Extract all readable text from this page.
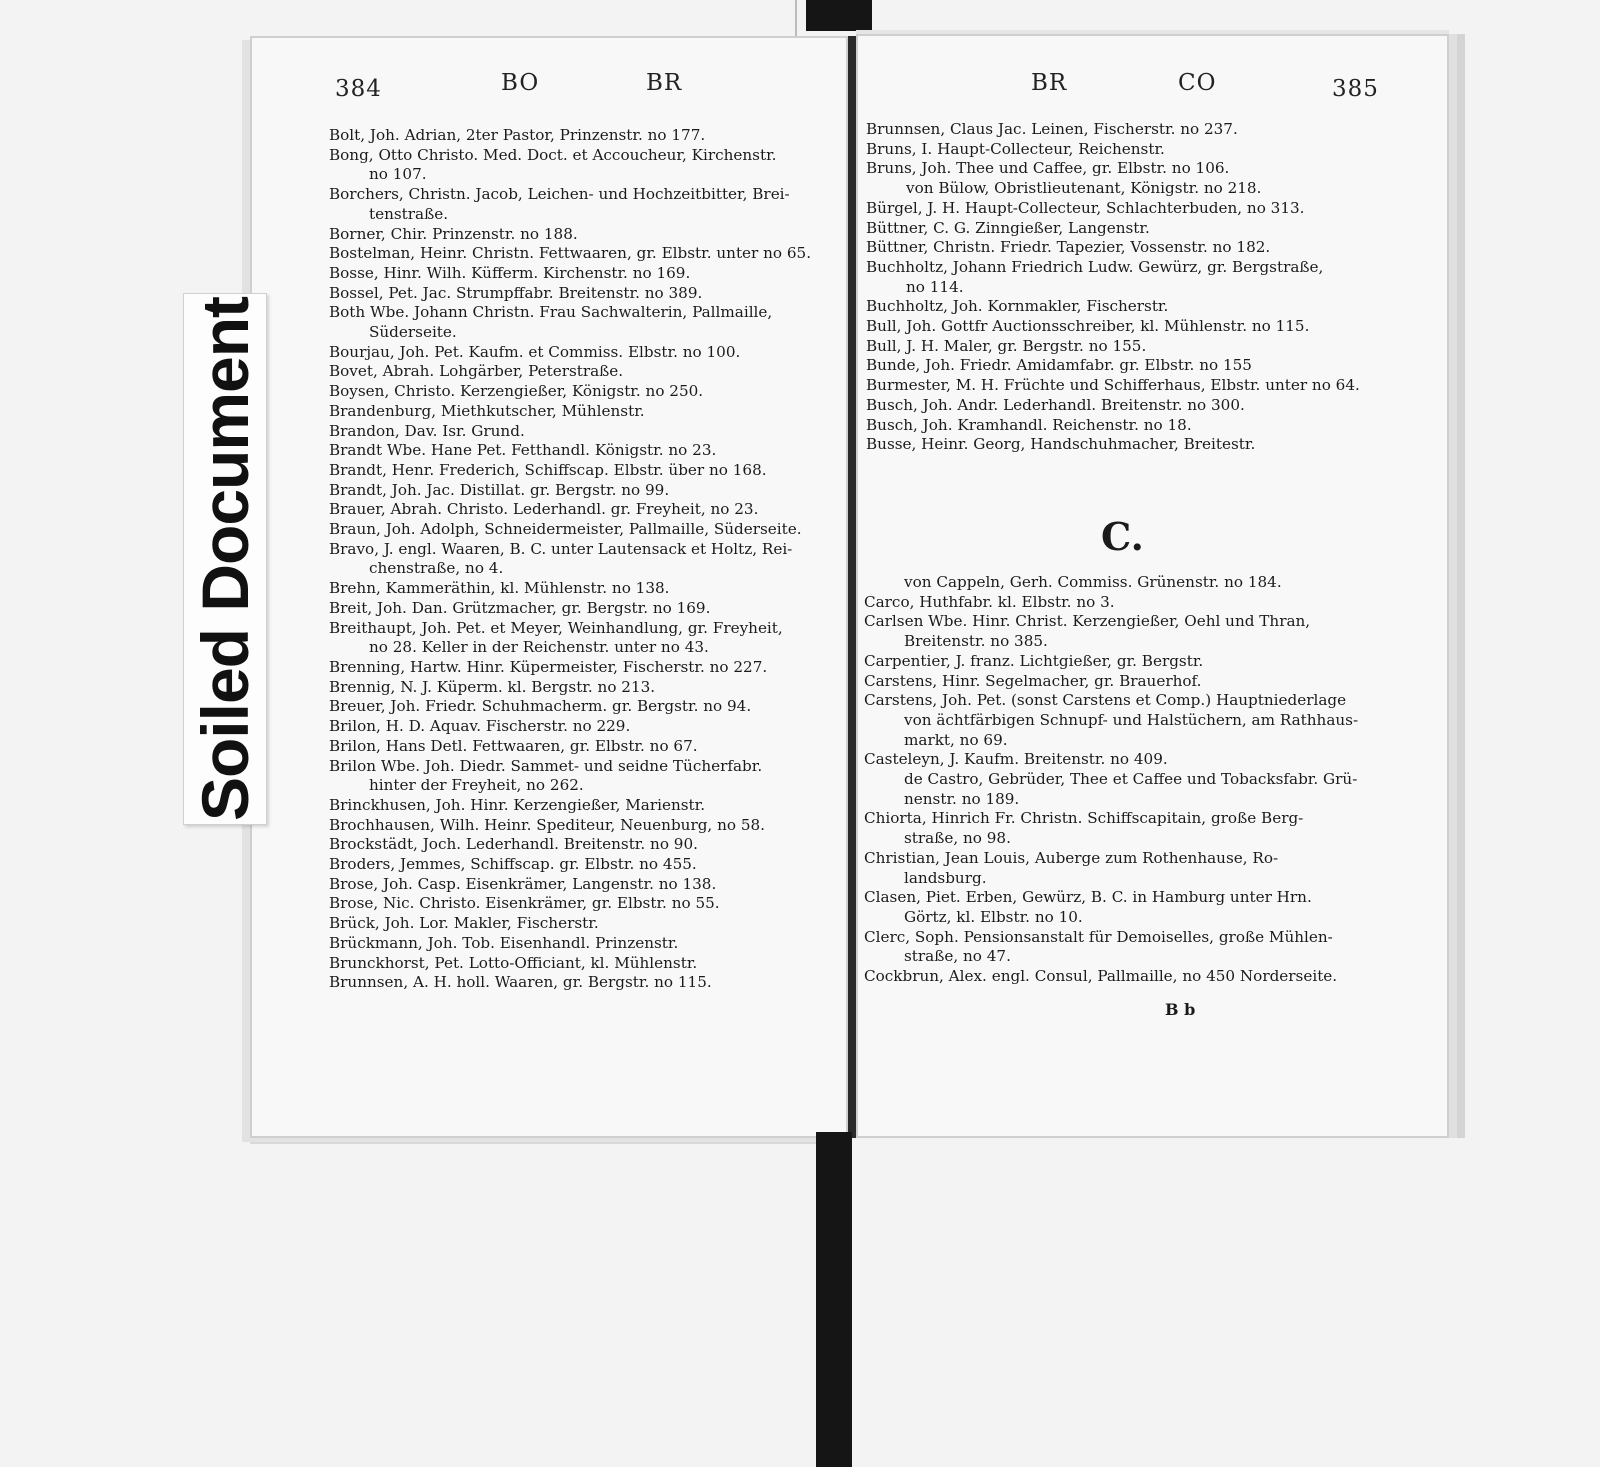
384	BO	BR
Bolt, Joh. Adrian, 2ter Pastor, Prinzenstr. no 177.
Bong, Otto Christo. Med. Doct. et Accoucheur, Kirchenstr.
no 107.
Borchers, Christn. Jacob, Leichen- und Hochzeitbitter, Brei-
tenstraße.
Borner, Chir. Prinzenstr. no 188.
Bostelman, Heinr. Christn. Fettwaaren, gr. Elbstr. unter no 65.
Bosse, Hinr. Wilh. Küfferm. Kirchenstr. no 169.
Bossel, Pet. Jac. Strumpffabr. Breitenstr. no 389.
Both Wbe. Johann Christn. Frau Sachwalterin, Pallmaille,
Süderseite.
Bourjau, Joh. Pet. Kaufm. et Commiss. Elbstr. no 100.
Bovet, Abrah. Lohgärber, Peterstraße.
Boysen, Christo. Kerzengießer, Königstr. no 250.
Brandenburg, Miethkutscher, Mühlenstr.
Brandon, Dav. Isr. Grund.
Brandt Wbe. Hane Pet. Fetthandl. Königstr. no 23.
Brandt, Henr. Frederich, Schiffscap. Elbstr. über no 168.
Brandt, Joh. Jac. Distillat. gr. Bergstr. no 99.
Brauer, Abrah. Christo. Lederhandl. gr. Freyheit, no 23.
Braun, Joh. Adolph, Schneidermeister, Pallmaille, Süderseite.
Bravo, J. engl. Waaren, B. C. unter Lautensack et Holtz, Rei-
chenstraße, no 4.
Brehn, Kammeräthin, kl. Mühlenstr. no 138.
Breit, Joh. Dan. Grützmacher, gr. Bergstr. no 169.
Breithaupt, Joh. Pet. et Meyer, Weinhandlung, gr. Freyheit,
no 28. Keller in der Reichenstr. unter no 43.
Brenning, Hartw. Hinr. Küpermeister, Fischerstr. no 227.
Brennig, N. J. Küperm. kl. Bergstr. no 213.
Breuer, Joh. Friedr. Schuhmacherm. gr. Bergstr. no 94.
Brilon, H. D. Aquav. Fischerstr. no 229.
Brilon, Hans Detl. Fettwaaren, gr. Elbstr. no 67.
Brilon Wbe. Joh. Diedr. Sammet- und seidne Tücherfabr.
hinter der Freyheit, no 262.
Brinckhusen, Joh. Hinr. Kerzengießer, Marienstr.
Brochhausen, Wilh. Heinr. Spediteur, Neuenburg, no 58.
Brockstädt, Joch. Lederhandl. Breitenstr. no 90.
Broders, Jemmes, Schiffscap. gr. Elbstr. no 455.
Brose, Joh. Casp. Eisenkrämer, Langenstr. no 138.
Brose, Nic. Christo. Eisenkrämer, gr. Elbstr. no 55.
Brück, Joh. Lor. Makler, Fischerstr.
Brückmann, Joh. Tob. Eisenhandl. Prinzenstr.
Brunckhorst, Pet. Lotto-Officiant, kl. Mühlenstr.
Brunnsen, A. H. holl. Waaren, gr. Bergstr. no 115.
BR	CO	385
Brunnsen, Claus Jac. Leinen, Fischerstr. no 237.
Bruns, I. Haupt-Collecteur, Reichenstr.
Bruns, Joh. Thee und Caffee, gr. Elbstr. no 106.
von Bülow, Obristlieutenant, Königstr. no 218.
Bürgel, J. H. Haupt-Collecteur, Schlachterbuden, no 313.
Büttner, C. G. Zinngießer, Langenstr.
Büttner, Christn. Friedr. Tapezier, Vossenstr. no 182.
Buchholtz, Johann Friedrich Ludw. Gewürz, gr. Bergstraße,
no 114.
Buchholtz, Joh. Kornmakler, Fischerstr.
Bull, Joh. Gottfr Auctionsschreiber, kl. Mühlenstr. no 115.
Bull, J. H. Maler, gr. Bergstr. no 155.
Bunde, Joh. Friedr. Amidamfabr. gr. Elbstr. no 155
Burmester, M. H. Früchte und Schifferhaus, Elbstr. unter no 64.
Busch, Joh. Andr. Lederhandl. Breitenstr. no 300.
Busch, Joh. Kramhandl. Reichenstr. no 18.
Busse, Heinr. Georg, Handschuhmacher, Breitestr.
C.
von Cappeln, Gerh. Commiss. Grünenstr. no 184.
Carco, Huthfabr. kl. Elbstr. no 3.
Carlsen Wbe. Hinr. Christ. Kerzengießer, Oehl und Thran,
Breitenstr. no 385.
Carpentier, J. franz. Lichtgießer, gr. Bergstr.
Carstens, Hinr. Segelmacher, gr. Brauerhof.
Carstens, Joh. Pet. (sonst Carstens et Comp.) Hauptniederlage
von ächtfärbigen Schnupf- und Halstüchern, am Rathhaus-
markt, no 69.
Casteleyn, J. Kaufm. Breitenstr. no 409.
de Castro, Gebrüder, Thee et Caffee und Tobacksfabr. Grü-
nenstr. no 189.
Chiorta, Hinrich Fr. Christn. Schiffscapitain, große Berg-
straße, no 98.
Christian, Jean Louis, Auberge zum Rothenhause, Ro-
landsburg.
Clasen, Piet. Erben, Gewürz, B. C. in Hamburg unter Hrn.
Görtz, kl. Elbstr. no 10.
Clerc, Soph. Pensionsanstalt für Demoiselles, große Mühlen-
straße, no 47.
Cockbrun, Alex. engl. Consul, Pallmaille, no 450 Norderseite.
B b
Soiled Document
